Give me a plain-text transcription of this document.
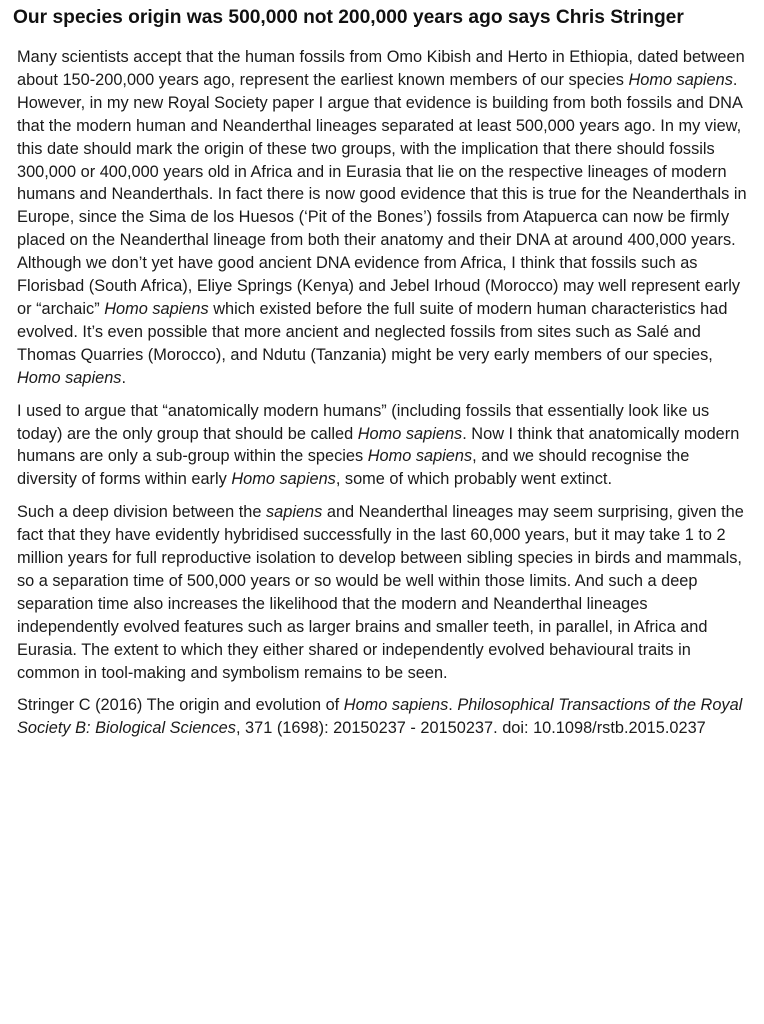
Our species origin was 500,000 not 200,000 years ago says Chris Stringer

Many scientists accept that the human fossils from Omo Kibish and Herto in Ethiopia, dated between about 150-200,000 years ago, represent the earliest known members of our species Homo sapiens. However, in my new Royal Society paper I argue that evidence is building from both fossils and DNA that the modern human and Neanderthal lineages separated at least 500,000 years ago. In my view, this date should mark the origin of these two groups, with the implication that there should fossils 300,000 or 400,000 years old in Africa and in Eurasia that lie on the respective lineages of modern humans and Neanderthals. In fact there is now good evidence that this is true for the Neanderthals in Europe, since the Sima de los Huesos (‘Pit of the Bones’) fossils from Atapuerca can now be firmly placed on the Neanderthal lineage from both their anatomy and their DNA at around 400,000 years. Although we don’t yet have good ancient DNA evidence from Africa, I think that fossils such as Florisbad (South Africa), Eliye Springs (Kenya) and Jebel Irhoud (Morocco) may well represent early or “archaic” Homo sapiens which existed before the full suite of modern human characteristics had evolved. It’s even possible that more ancient and neglected fossils from sites such as Salé and Thomas Quarries (Morocco), and Ndutu (Tanzania) might be very early members of our species, Homo sapiens.

I used to argue that “anatomically modern humans” (including fossils that essentially look like us today) are the only group that should be called Homo sapiens. Now I think that anatomically modern humans are only a sub-group within the species Homo sapiens, and we should recognise the diversity of forms within early Homo sapiens, some of which probably went extinct.

Such a deep division between the sapiens and Neanderthal lineages may seem surprising, given the fact that they have evidently hybridised successfully in the last 60,000 years, but it may take 1 to 2 million years for full reproductive isolation to develop between sibling species in birds and mammals, so a separation time of 500,000 years or so would be well within those limits. And such a deep separation time also increases the likelihood that the modern and Neanderthal lineages independently evolved features such as larger brains and smaller teeth, in parallel, in Africa and Eurasia. The extent to which they either shared or independently evolved behavioural traits in common in tool-making and symbolism remains to be seen.

Stringer C (2016) The origin and evolution of Homo sapiens. Philosophical Transactions of the Royal Society B: Biological Sciences, 371 (1698): 20150237 - 20150237. doi: 10.1098/rstb.2015.0237
